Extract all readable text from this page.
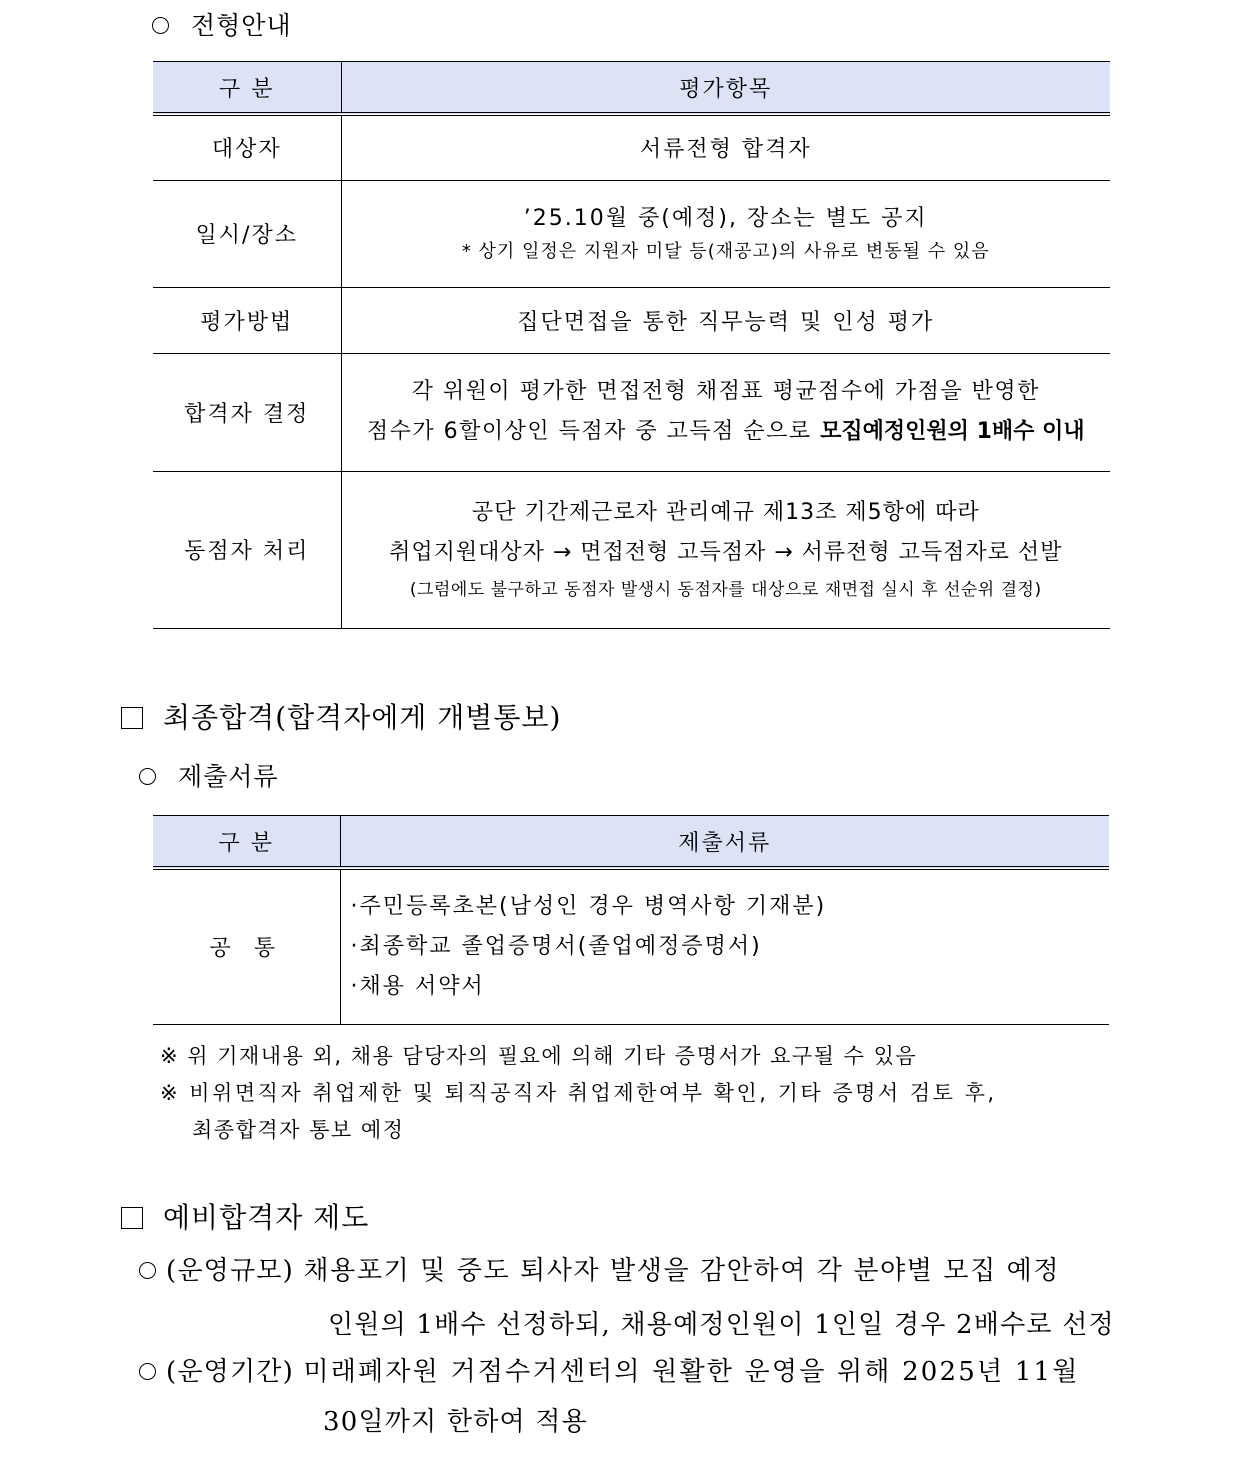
전형안내
구 분	평가항목
대상자	서류전형 합격자
일시/장소	’25.10월 중(예정), 장소는 별도 공지
* 상기 일정은 지원자 미달 등(재공고)의 사유로 변동될 수 있음

평가방법	집단면접을 통한 직무능력 및 인성 평가
합격자 결정	각 위원이 평가한 면접전형 채점표 평균점수에 가점을 반영한
점수가 6할이상인 득점자 중 고득점 순으로 모집예정인원의 1배수 이내

동점자 처리	공단 기간제근로자 관리예규 제13조 제5항에 따라
취업지원대상자 → 면접전형 고득점자 → 서류전형 고득점자로 선발
(그럼에도 불구하고 동점자 발생시 동점자를 대상으로 재면접 실시 후 선순위 결정)
최종합격(합격자에게 개별통보)
제출서류
구 분	제출서류
공 통	·주민등록초본(남성인 경우 병역사항 기재분)
·최종학교 졸업증명서(졸업예정증명서)
·채용 서약서
※ 위 기재내용 외, 채용 담당자의 필요에 의해 기타 증명서가 요구될 수 있음
※ 비위면직자 취업제한 및 퇴직공직자 취업제한여부 확인, 기타 증명서 검토 후,
최종합격자 통보 예정
예비합격자 제도
(운영규모) 채용포기 및 중도 퇴사자 발생을 감안하여 각 분야별 모집 예정
인원의 1배수 선정하되, 채용예정인원이 1인일 경우 2배수로 선정
(운영기간) 미래폐자원 거점수거센터의 원활한 운영을 위해 2025년 11월
30일까지 한하여 적용
